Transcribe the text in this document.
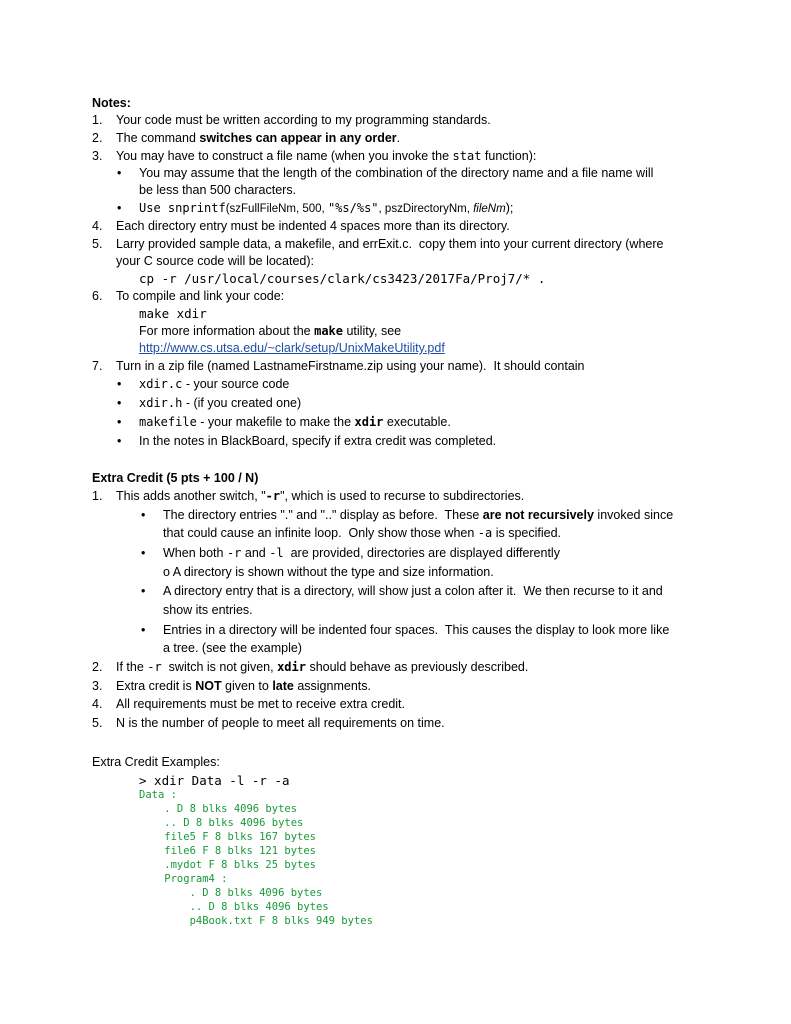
Notes:
1. Your code must be written according to my programming standards.
2. The command switches can appear in any order.
3. You may have to construct a file name (when you invoke the stat function):
• You may assume that the length of the combination of the directory name and a file name will
be less than 500 characters.
• Use snprintf(szFullFileNm, 500, "%s/%s", pszDirectoryNm, fileNm);
4. Each directory entry must be indented 4 spaces more than its directory.
5. Larry provided sample data, a makefile, and errExit.c.  copy them into your current directory (where
your C source code will be located):
cp -r /usr/local/courses/clark/cs3423/2017Fa/Proj7/* .
6. To compile and link your code:
make xdir
For more information about the make utility, see
http://www.cs.utsa.edu/~clark/setup/UnixMakeUtility.pdf
7. Turn in a zip file (named LastnameFirstname.zip using your name).  It should contain
• xdir.c - your source code
• xdir.h - (if you created one)
• makefile - your makefile to make the xdir executable.
• In the notes in BlackBoard, specify if extra credit was completed.
Extra Credit (5 pts + 100 / N)
1. This adds another switch, "-r", which is used to recurse to subdirectories.
• The directory entries "." and ".." display as before.  These are not recursively invoked since
that could cause an infinite loop.  Only show those when -a is specified.
• When both -r and -l  are provided, directories are displayed differently
o A directory is shown without the type and size information.
• A directory entry that is a directory, will show just a colon after it.  We then recurse to it and
show its entries.
• Entries in a directory will be indented four spaces.  This causes the display to look more like
a tree. (see the example)
2. If the -r  switch is not given, xdir should behave as previously described.
3. Extra credit is NOT given to late assignments.
4. All requirements must be met to receive extra credit.
5. N is the number of people to meet all requirements on time.
Extra Credit Examples:
> xdir Data -l -r -a
Data :
. D 8 blks 4096 bytes
.. D 8 blks 4096 bytes
file5 F 8 blks 167 bytes
file6 F 8 blks 121 bytes
.mydot F 8 blks 25 bytes
Program4 :
. D 8 blks 4096 bytes
.. D 8 blks 4096 bytes
p4Book.txt F 8 blks 949 bytes
